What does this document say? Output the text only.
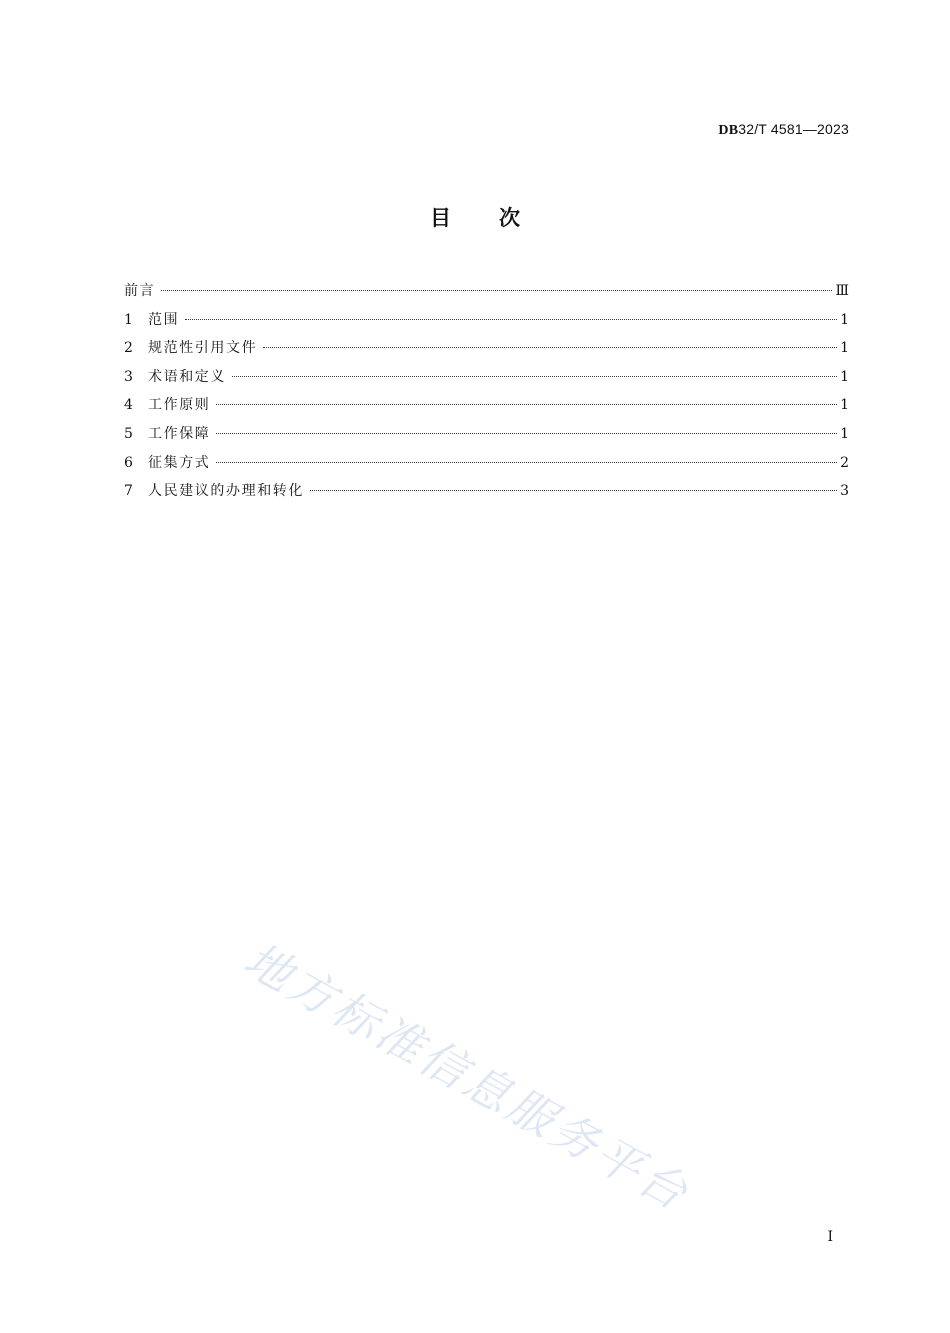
DB32/T 4581—2023
目 次
前言	Ⅲ
1	范围	1
2	规范性引用文件	1
3	术语和定义	1
4	工作原则	1
5	工作保障	1
6	征集方式	2
7	人民建议的办理和转化	3
地方标准信息服务平台
I
